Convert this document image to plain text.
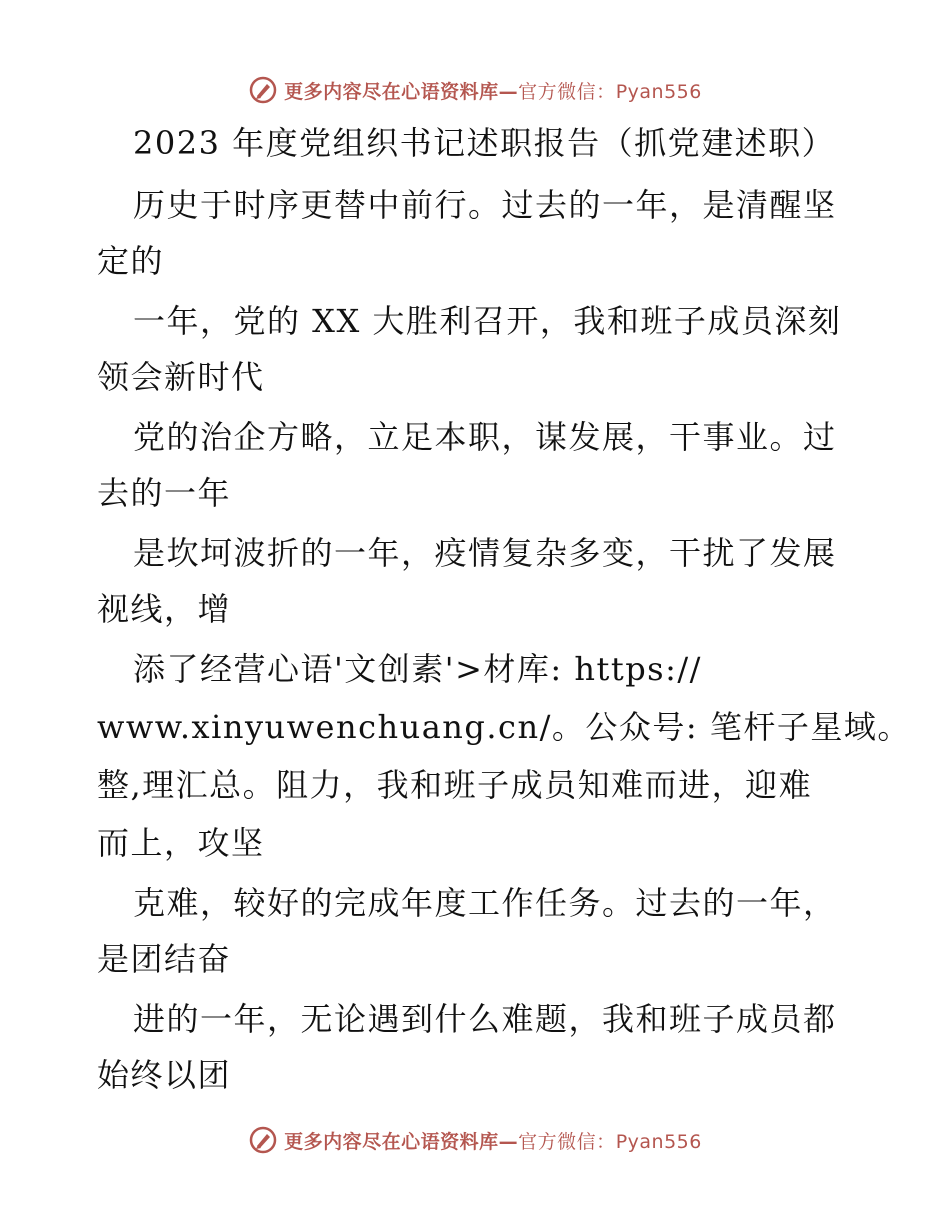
更多内容尽在心语资料库—官方微信：Pyan556
2023 年度党组织书记述职报告（抓党建述职）
历史于时序更替中前行。过去的一年，是清醒坚
定的
一年，党的 XX 大胜利召开，我和班子成员深刻
领会新时代
党的治企方略，立足本职，谋发展，干事业。过
去的一年
是坎坷波折的一年，疫情复杂多变，干扰了发展
视线，增
添了经营心语'文创素'>材库: https://
www.xinyuwenchuang.cn/。公众号: 笔杆子星域。
整,理汇总。阻力，我和班子成员知难而进，迎难
而上，攻坚
克难，较好的完成年度工作任务。过去的一年，
是团结奋
进的一年，无论遇到什么难题，我和班子成员都
始终以团
更多内容尽在心语资料库—官方微信：Pyan556
